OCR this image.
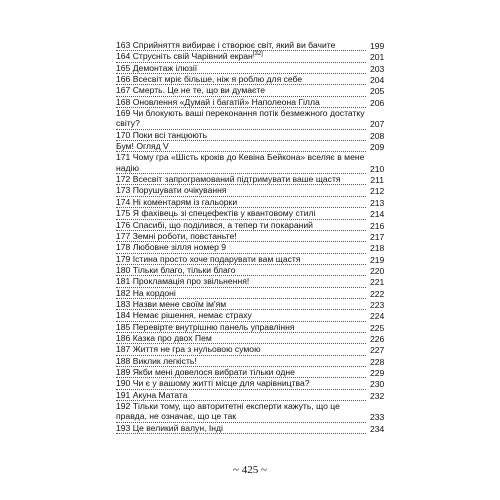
163 Сприйняття вибирає і створює світ, який ви бачите	199
164 Струсніть свій Чарівний екран[32]	201
165 Демонтаж ілюзії	203
166 Всесвіт мріє більше, ніж я роблю для себе	204
167 Смерть. Це не те, що ви думаєте	205
168 Оновлення «Думай і багатій» Наполеона Гілла	206
169 Чи блокують ваші переконання потік безмежного достатку світу?	207
170 Поки всі танцюють	208
Бум! Огляд V	209
171 Чому гра «Шість кроків до Кевіна Бейкона» вселяє в мене надію	210
172 Всесвіт запрограмований підтримувати ваше щастя	211
173 Порушувати очікування	212
174 Ні коментарям із гальорки	213
175 Я фахівець зі спецефектів у квантовому стилі	214
176 Спасибі, що поділився, а тепер ти покараний	216
177 Земні роботи, повстаньте!	217
178 Любовне зілля номер 9	218
179 Істина просто хоче подарувати вам щастя	219
180 Тільки благо, тільки благо	220
181 Проклам‎ація про звільнення!	221
182 На кордоні	222
183 Назви мене своїм ім'ям	223
184 Немає рішення, немає страху	224
185 Перевірте внутрішню панель управління	225
186 Казка про двох Пем	226
187 Життя не гра з нульовою сумою	227
188 Виклик легкість!	228
189 Якби мені довелося вибрати тільки одне	229
190 Чи є у вашому житті місце для чарівництва?	230
191 Акуна Матата	232
192 Тільки тому, що авторитетні експерти кажуть, що це правда, не означає, що це так	233
193 Це великий валун, Інді	234
~ 425 ~
